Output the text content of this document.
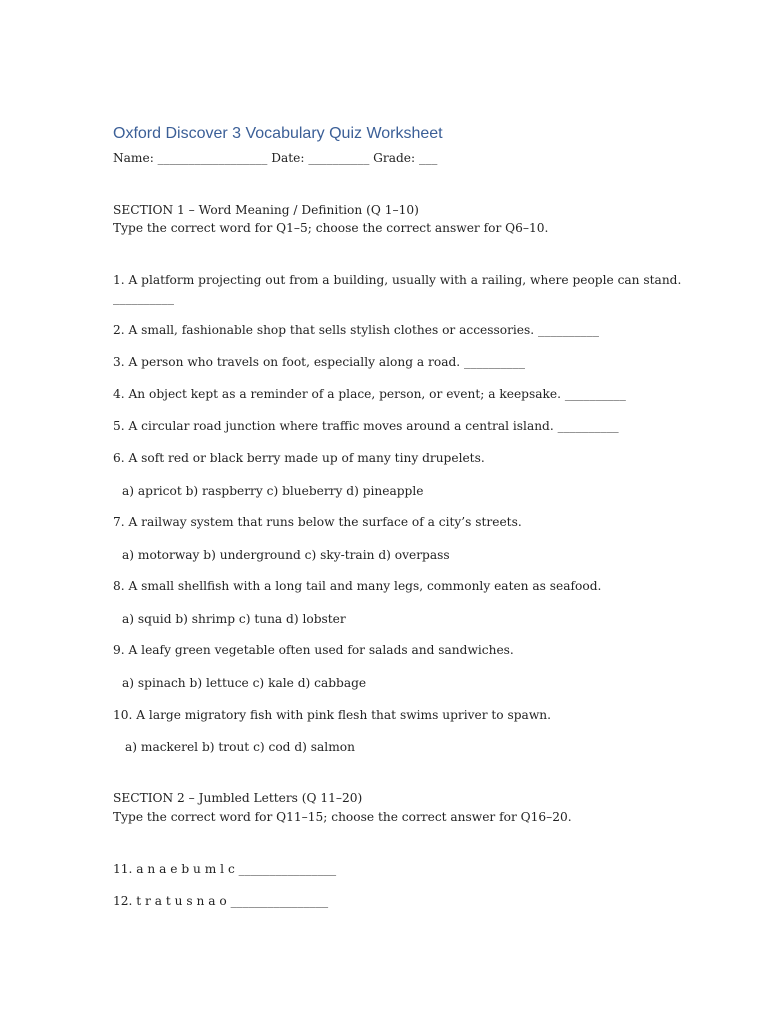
Oxford Discover 3 Vocabulary Quiz Worksheet
Name: __________________ Date: __________ Grade: ___
SECTION 1 – Word Meaning / Definition (Q 1–10)
Type the correct word for Q1–5; choose the correct answer for Q6–10.
1. A platform projecting out from a building, usually with a railing, where people can stand.
__________
2. A small, fashionable shop that sells stylish clothes or accessories. __________
3. A person who travels on foot, especially along a road. __________
4. An object kept as a reminder of a place, person, or event; a keepsake. __________
5. A circular road junction where traffic moves around a central island. __________
6. A soft red or black berry made up of many tiny drupelets.
a) apricot b) raspberry c) blueberry d) pineapple
7. A railway system that runs below the surface of a city’s streets.
a) motorway b) underground c) sky-train d) overpass
8. A small shellfish with a long tail and many legs, commonly eaten as seafood.
a) squid b) shrimp c) tuna d) lobster
9. A leafy green vegetable often used for salads and sandwiches.
a) spinach b) lettuce c) kale d) cabbage
10. A large migratory fish with pink flesh that swims upriver to spawn.
a) mackerel b) trout c) cod d) salmon
SECTION 2 – Jumbled Letters (Q 11–20)
Type the correct word for Q11–15; choose the correct answer for Q16–20.
11. a n a e b u m l c ________________
12. t r a t u s n a o ________________
